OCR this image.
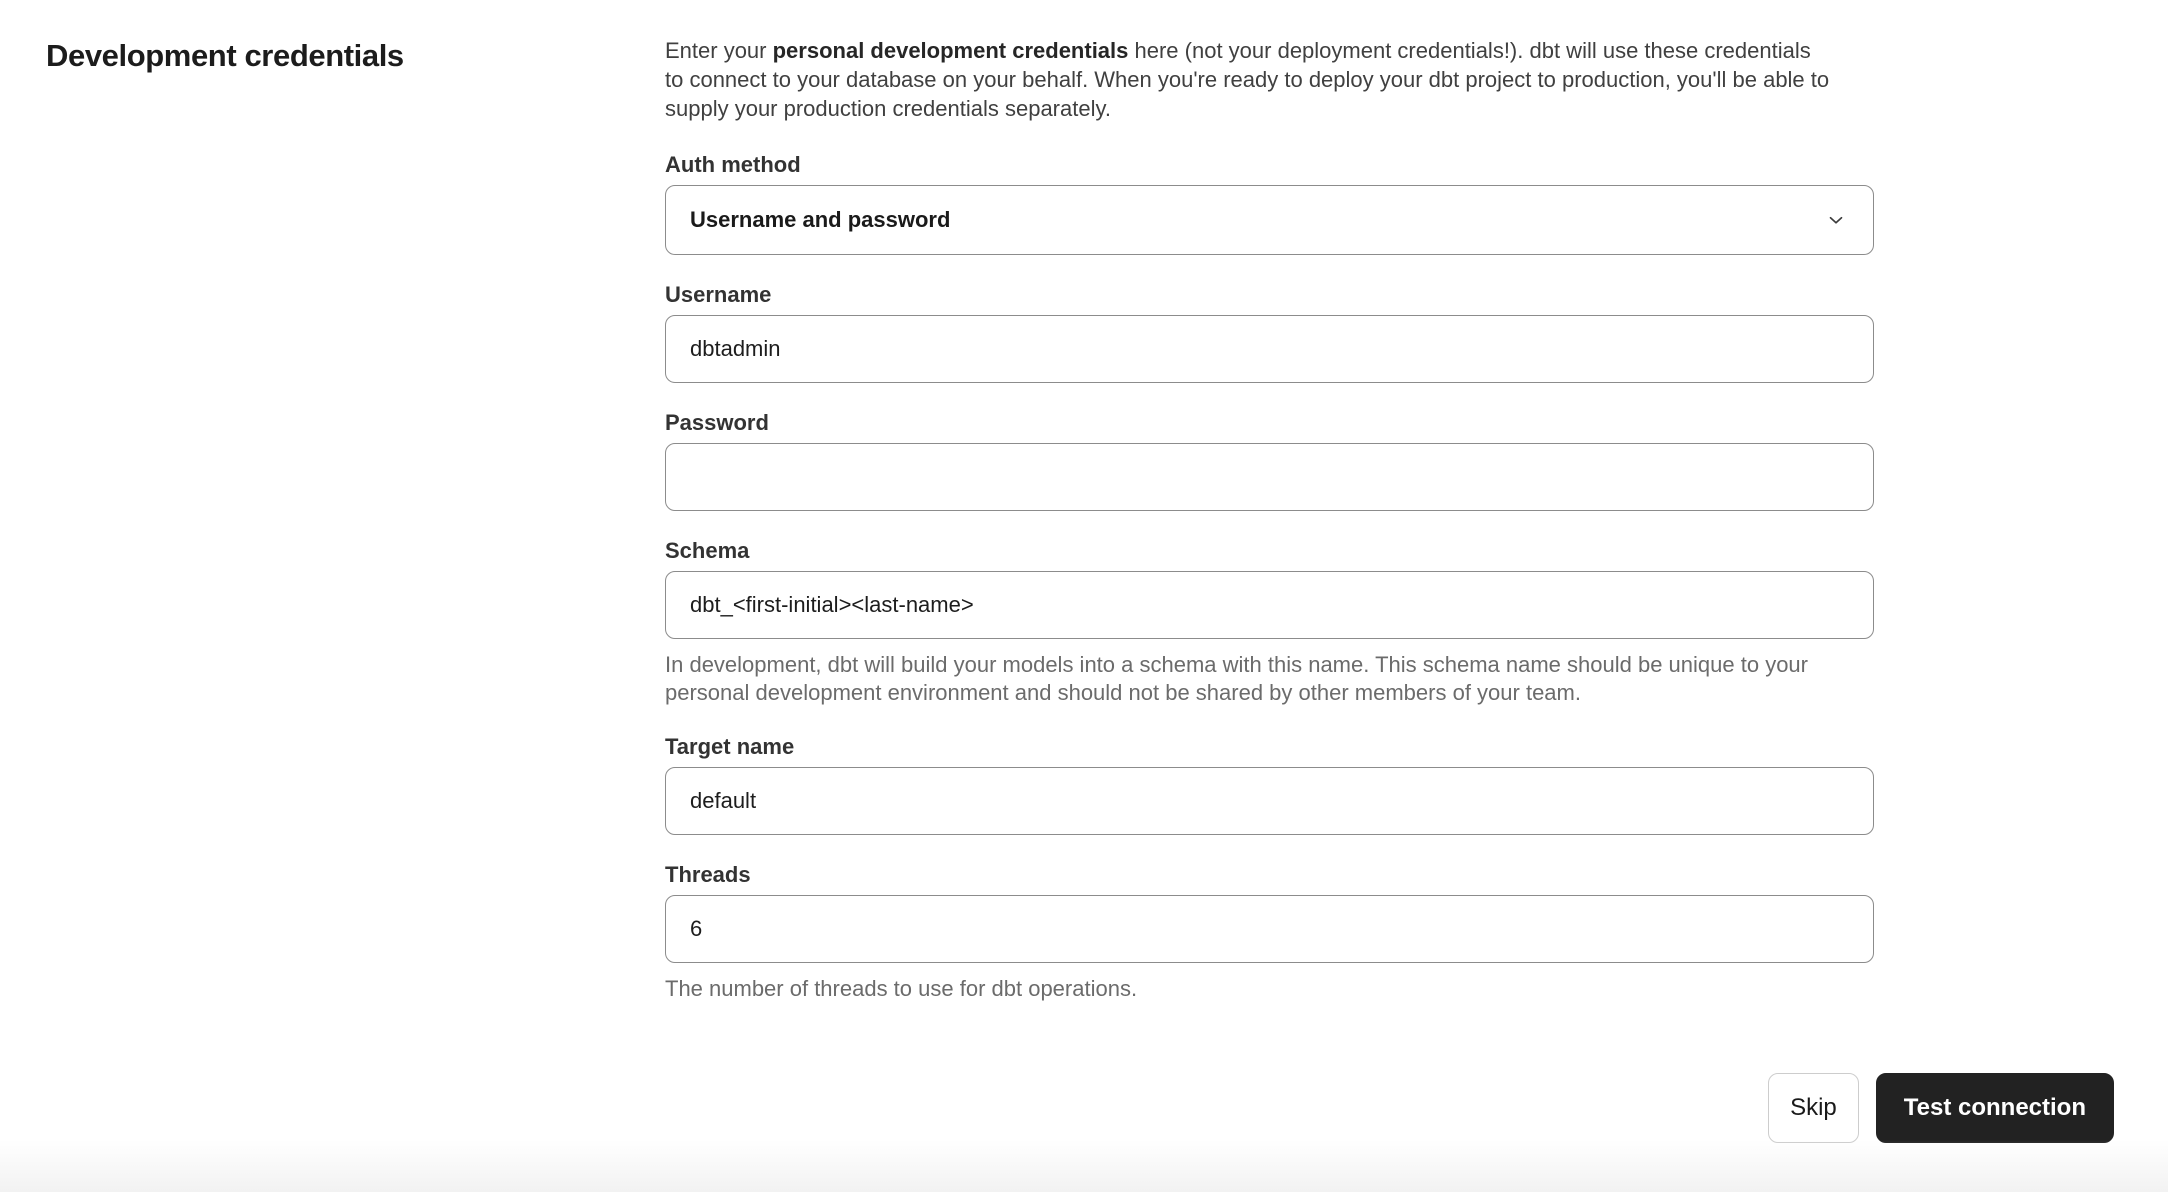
Development credentials	Enter your personal development credentials here (not your deployment credentials!). dbt will use these credentials to connect to your database on your behalf. When you're ready to deploy your dbt project to production, you'll be able to supply your production credentials separately.

Auth method
Username and password
Username
dbtadmin
Password
Schema
dbt_<first-initial><last-name>

In development, dbt will build your models into a schema with this name. This schema name should be unique to your personal development environment and should not be shared by other members of your team.

Target name
default
Threads
6

The number of threads to use for dbt operations.

Skip	Test connection
